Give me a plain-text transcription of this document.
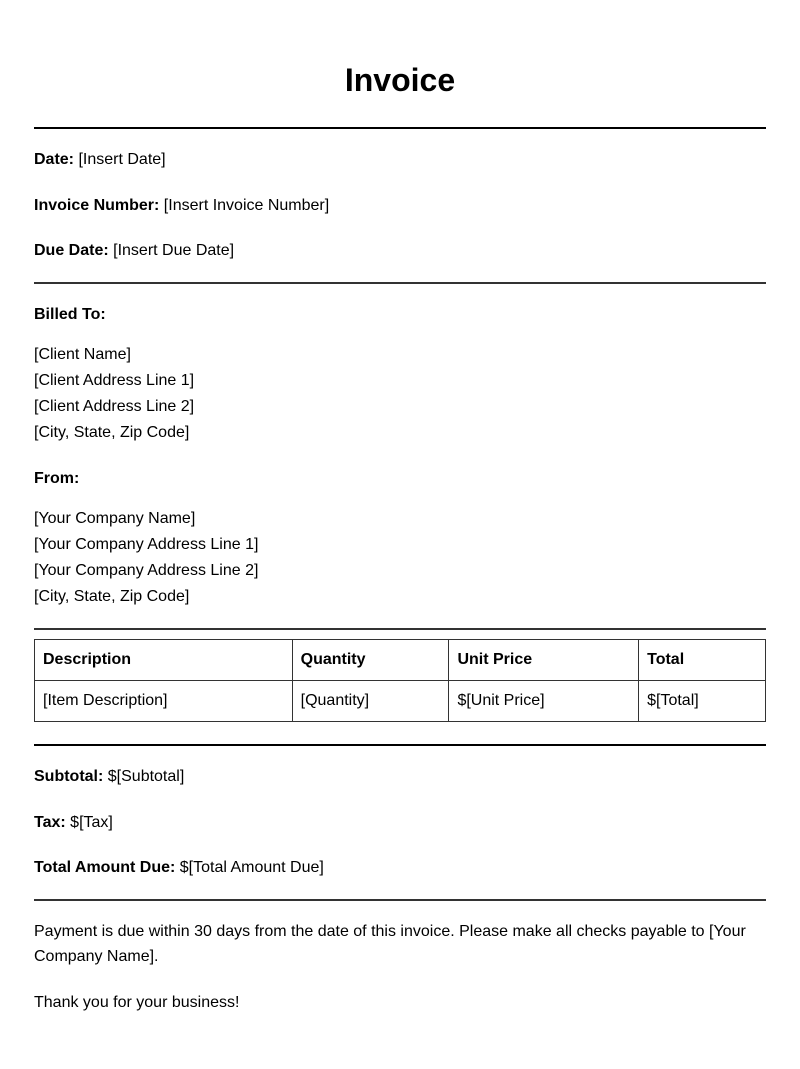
Invoice
Date: [Insert Date]
Invoice Number: [Insert Invoice Number]
Due Date: [Insert Due Date]
Billed To:
[Client Name]
[Client Address Line 1]
[Client Address Line 2]
[City, State, Zip Code]
From:
[Your Company Name]
[Your Company Address Line 1]
[Your Company Address Line 2]
[City, State, Zip Code]
Description	Quantity	Unit Price	Total
[Item Description]	[Quantity]	$[Unit Price]	$[Total]
Subtotal: $[Subtotal]
Tax: $[Tax]
Total Amount Due: $[Total Amount Due]
Payment is due within 30 days from the date of this invoice. Please make all checks payable to [Your Company Name].
Thank you for your business!
